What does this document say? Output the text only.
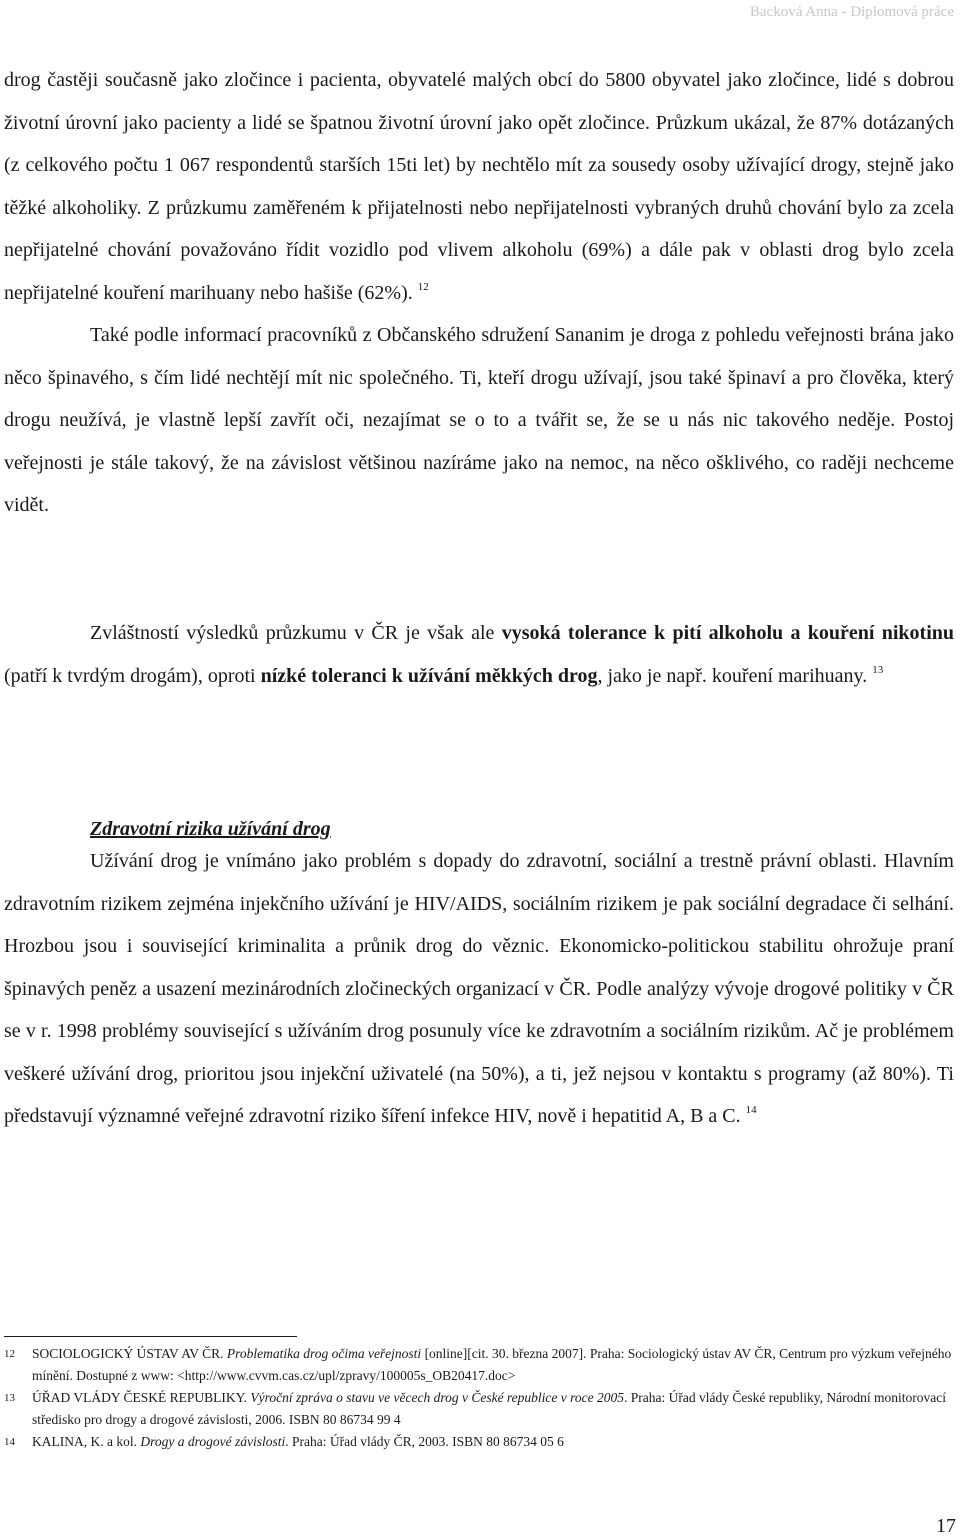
Backová Anna - Diplomová práce

drog častěji současně jako zločince i pacienta, obyvatelé malých obcí do 5800 obyvatel jako zločince, lidé s dobrou životní úrovní jako pacienty a lidé se špatnou životní úrovní jako opět zločince. Průzkum ukázal, že 87% dotázaných (z celkového počtu 1 067 respondentů starších 15ti let) by nechtělo mít za sousedy osoby užívající drogy, stejně jako těžké alkoholiky. Z průzkumu zaměřeném k přijatelnosti nebo nepřijatelnosti vybraných druhů chování bylo za zcela nepřijatelné chování považováno řídit vozidlo pod vlivem alkoholu (69%) a dále pak v oblasti drog bylo zcela nepřijatelné kouření marihuany nebo hašiše (62%). $^{12}$

Také podle informací pracovníků z Občanského sdružení Sananim je droga z pohledu veřejnosti brána jako něco špinavého, s čím lidé nechtějí mít nic společného. Ti, kteří drogu užívají, jsou také špinaví a pro člověka, který drogu neužívá, je vlastně lepší zavřít oči, nezajímat se o to a tvářit se, že se u nás nic takového neděje. Postoj veřejnosti je stále takový, že na závislost většinou nazíráme jako na nemoc, na něco ošklivého, co raději nechceme vidět.

Zvláštností výsledků průzkumu v ČR je však ale vysoká tolerance k pití alkoholu a kouření nikotinu (patří k tvrdým drogám), oproti nízké toleranci k užívání měkkých drog, jako je např. kouření marihuany. $^{13}$
Zdravotní rizika užívání drog
Užívání drog je vnímáno jako problém s dopady do zdravotní, sociální a trestně právní oblasti. Hlavním zdravotním rizikem zejména injekčního užívání je HIV/AIDS, sociálním rizikem je pak sociální degradace či selhání. Hrozbou jsou i související kriminalita a průnik drog do věznic. Ekonomicko-politickou stabilitu ohrožuje praní špinavých peněz a usazení mezinárodních zločineckých organizací v ČR. Podle analýzy vývoje drogové politiky v ČR se v r. 1998 problémy související s užíváním drog posunuly více ke zdravotním a sociálním rizikům. Ač je problémem veškeré užívání drog, prioritou jsou injekční uživatelé (na 50%), a ti, jež nejsou v kontaktu s programy (až 80%). Ti představují významné veřejné zdravotní riziko šíření infekce HIV, nově i hepatitid A, B a C. $^{14}$
12 SOCIOLOGICKÝ ÚSTAV AV ČR. Problematika drog očima veřejnosti [online][cit. 30. března 2007]. Praha: Sociologický ústav AV ČR, Centrum pro výzkum veřejného mínění. Dostupné z www: <http://www.cvvm.cas.cz/upl/zpravy/100005s_OB20417.doc>
13 ÚŘAD VLÁDY ČESKÉ REPUBLIKY. Výroční zpráva o stavu ve věcech drog v České republice v roce 2005. Praha: Úřad vlády České republiky, Národní monitorovací středisko pro drogy a drogové závislosti, 2006. ISBN 80 86734 99 4
14 KALINA, K. a kol. Drogy a drogové závislosti. Praha: Úřad vlády ČR, 2003. ISBN 80 86734 05 6
17
